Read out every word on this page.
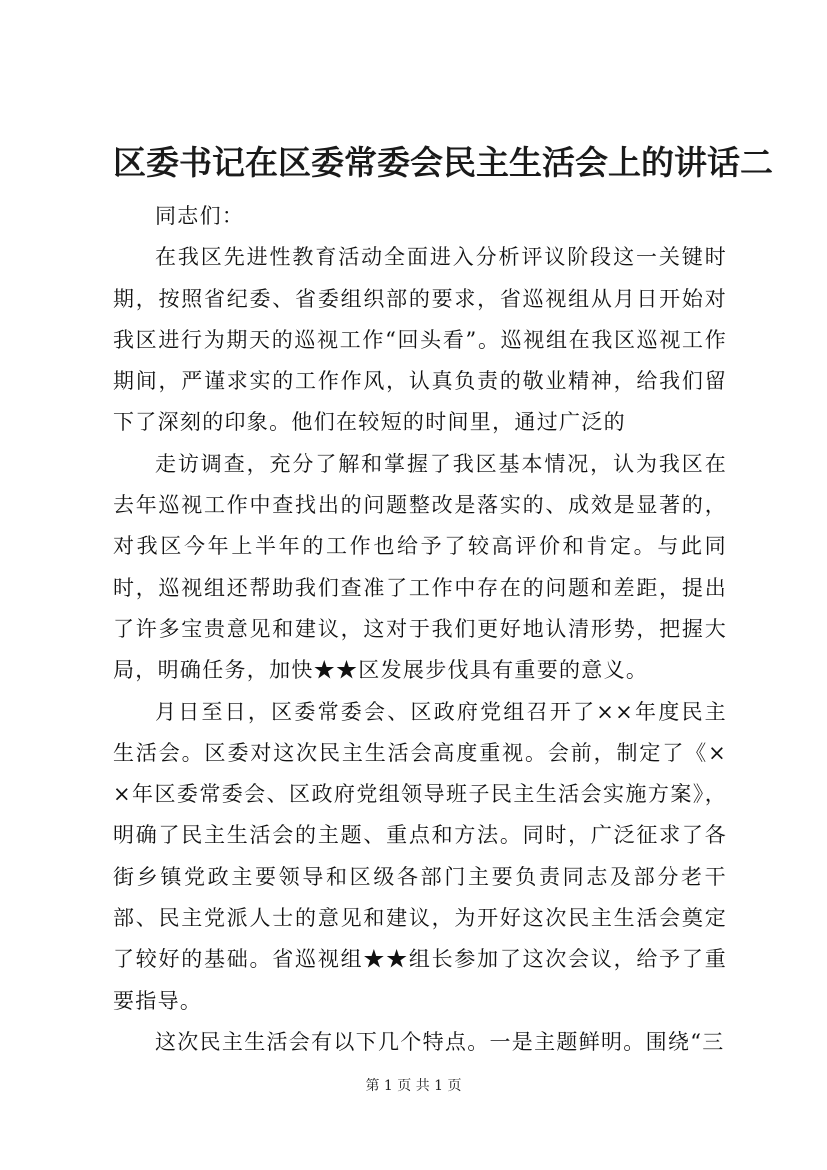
区委书记在区委常委会民主生活会上的讲话二

同志们：

在我区先进性教育活动全面进入分析评议阶段这一关键时期，按照省纪委、省委组织部的要求，省巡视组从月日开始对我区进行为期天的巡视工作“回头看”。巡视组在我区巡视工作期间，严谨求实的工作作风，认真负责的敬业精神，给我们留下了深刻的印象。他们在较短的时间里，通过广泛的

走访调查，充分了解和掌握了我区基本情况，认为我区在去年巡视工作中查找出的问题整改是落实的、成效是显著的，对我区今年上半年的工作也给予了较高评价和肯定。与此同时，巡视组还帮助我们查准了工作中存在的问题和差距，提出了许多宝贵意见和建议，这对于我们更好地认清形势，把握大局，明确任务，加快★★区发展步伐具有重要的意义。

月日至日，区委常委会、区政府党组召开了××年度民主生活会。区委对这次民主生活会高度重视。会前，制定了《××年区委常委会、区政府党组领导班子民主生活会实施方案》，明确了民主生活会的主题、重点和方法。同时，广泛征求了各街乡镇党政主要领导和区级各部门主要负责同志及部分老干部、民主党派人士的意见和建议，为开好这次民主生活会奠定了较好的基础。省巡视组★★组长参加了这次会议，给予了重要指导。

这次民主生活会有以下几个特点。一是主题鲜明。围绕“三

第 1 页 共 1 页
